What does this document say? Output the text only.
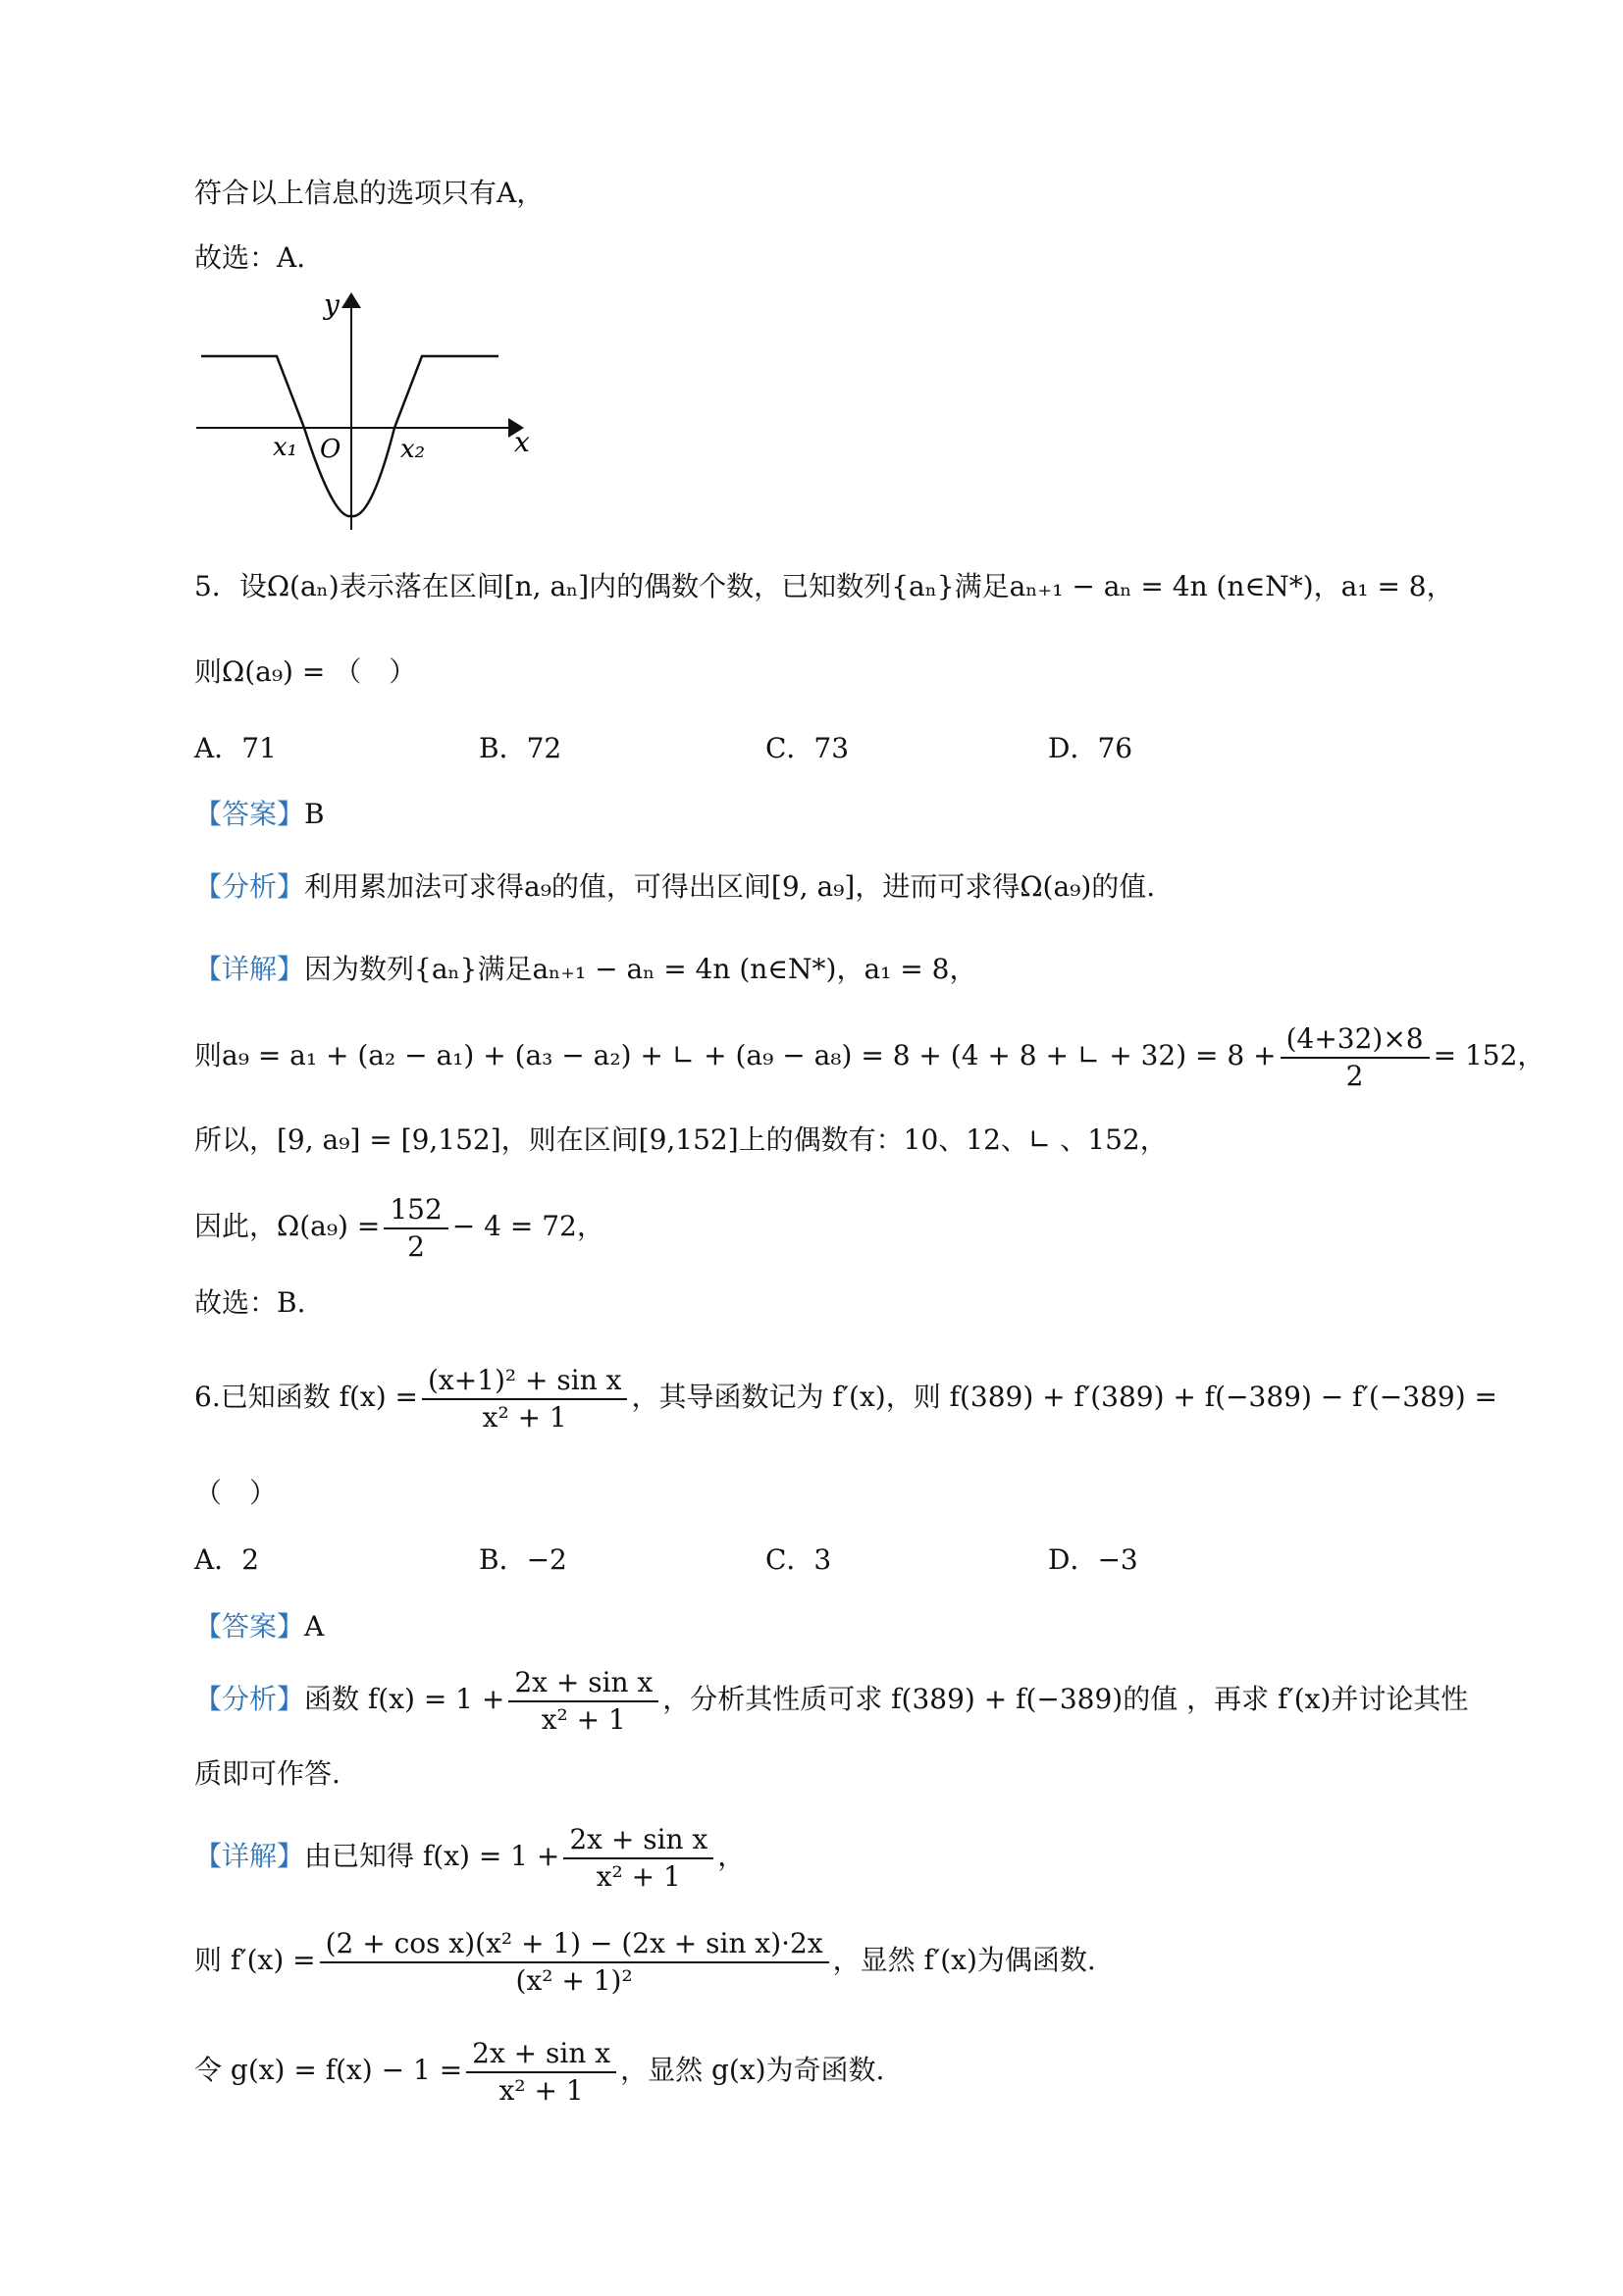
符合以上信息的选项只有A，
故选：A.
y
x
O
x₁	x₂
5．设Ω(aₙ)表示落在区间[n, aₙ]内的偶数个数，已知数列{aₙ}满足aₙ₊₁ − aₙ = 4n (n∈N*)，a₁ = 8，
则Ω(a₉) = （　）
A．71	B．72	C．73	D．76
【答案】B
【分析】利用累加法可求得a₉的值，可得出区间[9, a₉]，进而可求得Ω(a₉)的值.
【详解】因为数列{aₙ}满足aₙ₊₁ − aₙ = 4n (n∈N*)，a₁ = 8，
则a₉ = a₁ + (a₂ − a₁) + (a₃ − a₂) + ∟ + (a₉ − a₈) = 8 + (4 + 8 + ∟ + $32) = 8 + \frac{(4+32)\times 8}{2} = 152$，
所以，[9, a₉] = [9,152]，则在区间[9,152]上的偶数有：10、12、∟ 、152，
因此，$\Omega(a_9) = \frac{152}{2} - 4 = 72$，
故选：B.
6.已知函数 $f(x) = \frac{\text{(x+1)² + sin x}}{\text{x² + 1}}$ ，其导函数记为 f′(x)，则 f(389) + f′(389) + f(−389) − f′(−389) =
（　）
A．2	B．−2	C．3	D．−3
【答案】A
【分析】函数 $f(x) = 1 + \frac{\text{2x + sin x}}{\text{x² + 1}}$ ，分析其性质可求 f(389) + f(−389)的值 ，再求 f′(x)并讨论其性
质即可作答.
【详解】由已知得 $f(x) = 1 + \frac{\text{2x + sin x}}{\text{x² + 1}}$ ，
则 $f'(x) = \frac{\text{(2 + cos x)(x² + 1) − (2x + sin x)·2x}}{\text{(x² + 1)²}}$ ，显然 f′(x)为偶函数.
令 $g(x) = f(x) - 1 = \frac{\text{2x + sin x}}{\text{x² + 1}}$ ，显然 g(x)为奇函数.
